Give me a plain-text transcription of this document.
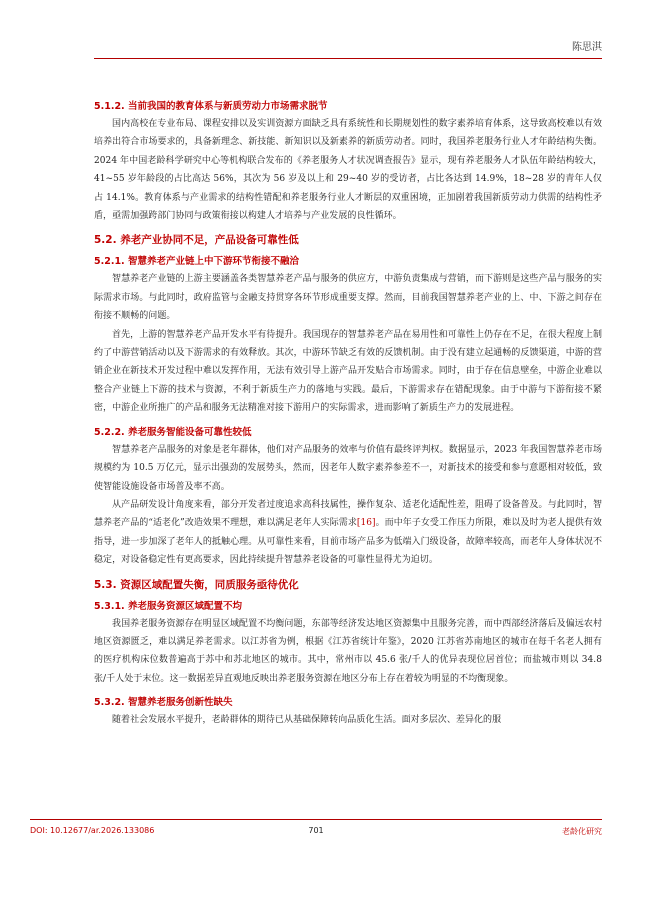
陈思淇
5.1.2. 当前我国的教育体系与新质劳动力市场需求脱节

国内高校在专业布局、课程安排以及实训资源方面缺乏具有系统性和长期规划性的数字素养培育体系，这导致高校难以有效培养出符合市场要求的，具备新理念、新技能、新知识以及新素养的新质劳动者。同时，我国养老服务行业人才年龄结构失衡。2024 年中国老龄科学研究中心等机构联合发布的《养老服务人才状况调查报告》显示，现有养老服务人才队伍年龄结构较大，41~55 岁年龄段的占比高达 56%，其次为 56 岁及以上和 29~40 岁的受访者，占比各达到 14.9%，18~28 岁的青年人仅占 14.1%。教育体系与产业需求的结构性错配和养老服务行业人才断层的双重困境，正加剧着我国新质劳动力供需的结构性矛盾，亟需加强跨部门协同与政策衔接以构建人才培养与产业发展的良性循环。

5.2. 养老产业协同不足，产品设备可靠性低
5.2.1. 智慧养老产业链上中下游环节衔接不融洽

智慧养老产业链的上游主要涵盖各类智慧养老产品与服务的供应方，中游负责集成与营销，而下游则是这些产品与服务的实际需求市场。与此同时，政府监管与金融支持贯穿各环节形成重要支撑。然而，目前我国智慧养老产业的上、中、下游之间存在衔接不顺畅的问题。

首先，上游的智慧养老产品开发水平有待提升。我国现存的智慧养老产品在易用性和可靠性上仍存在不足，在很大程度上制约了中游营销活动以及下游需求的有效释放。其次，中游环节缺乏有效的反馈机制。由于没有建立起通畅的反馈渠道，中游的营销企业在新技术开发过程中难以发挥作用，无法有效引导上游产品开发贴合市场需求。同时，由于存在信息壁垒，中游企业难以整合产业链上下游的技术与资源，不利于新质生产力的落地与实践。最后，下游需求存在错配现象。由于中游与下游衔接不紧密，中游企业所推广的产品和服务无法精准对接下游用户的实际需求，进而影响了新质生产力的发展进程。

5.2.2. 养老服务智能设备可靠性较低

智慧养老产品服务的对象是老年群体，他们对产品服务的效率与价值有最终评判权。数据显示，2023 年我国智慧养老市场规模约为 10.5 万亿元，显示出强劲的发展势头，然而，因老年人数字素养参差不一，对新技术的接受和参与意愿相对较低，致使智能设施设备市场普及率不高。

从产品研发设计角度来看，部分开发者过度追求高科技属性，操作复杂、适老化适配性差，阻碍了设备普及。与此同时，智慧养老产品的“适老化”改造效果不理想，难以满足老年人实际需求[16]。而中年子女受工作压力所限，难以及时为老人提供有效指导，进一步加深了老年人的抵触心理。从可靠性来看，目前市场产品多为低端入门级设备，故障率较高，而老年人身体状况不稳定，对设备稳定性有更高要求，因此持续提升智慧养老设备的可靠性显得尤为迫切。

5.3. 资源区域配置失衡，同质服务亟待优化
5.3.1. 养老服务资源区域配置不均

我国养老服务资源存在明显区域配置不均衡问题，东部等经济发达地区资源集中且服务完善，而中西部经济落后及偏远农村地区资源匮乏，难以满足养老需求。以江苏省为例，根据《江苏省统计年鉴》，2020 江苏省苏南地区的城市在每千名老人拥有的医疗机构床位数普遍高于苏中和苏北地区的城市。其中，常州市以 45.6 张/千人的优异表现位居首位；而盐城市则以 34.8 张/千人处于末位。这一数据差异直观地反映出养老服务资源在地区分布上存在着较为明显的不均衡现象。

5.3.2. 智慧养老服务创新性缺失

随着社会发展水平提升，老龄群体的期待已从基础保障转向品质化生活。面对多层次、差异化的服

DOI: 10.12677/ar.2026.133086	701	老龄化研究
